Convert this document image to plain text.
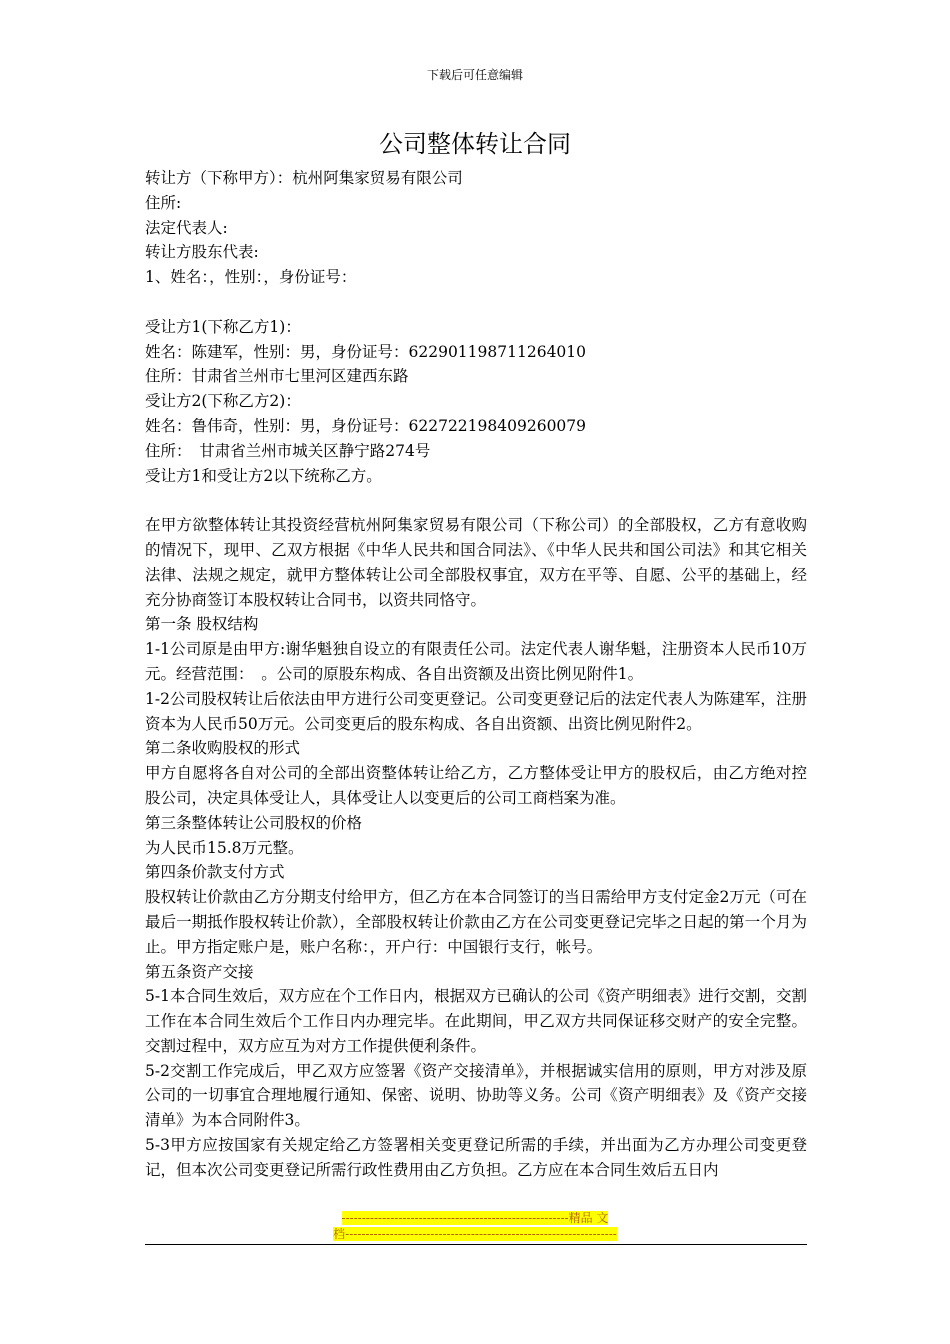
下载后可任意编辑
公司整体转让合同

转让方（下称甲方）：杭州阿集家贸易有限公司

住所:

法定代表人:

转让方股东代表:

1、姓名：，性别：，身份证号：

受让方1(下称乙方1)：

姓名：陈建军，性别：男，身份证号：622901198711264010

住所：甘肃省兰州市七里河区建西东路

受让方2(下称乙方2)：

姓名：鲁伟奇，性别：男，身份证号：622722198409260079

住所：　甘肃省兰州市城关区静宁路274号

受让方1和受让方2以下统称乙方。

在甲方欲整体转让其投资经营杭州阿集家贸易有限公司（下称公司）的全部股权，乙方有意收购的情况下，现甲、乙双方根据《中华人民共和国合同法》、《中华人民共和国公司法》和其它相关法律、法规之规定，就甲方整体转让公司全部股权事宜，双方在平等、自愿、公平的基础上，经充分协商签订本股权转让合同书，以资共同恪守。

第一条 股权结构

1-1公司原是由甲方:谢华魁独自设立的有限责任公司。法定代表人谢华魁，注册资本人民币10万元。经营范围：　。公司的原股东构成、各自出资额及出资比例见附件1。

1-2公司股权转让后依法由甲方进行公司变更登记。公司变更登记后的法定代表人为陈建军，注册资本为人民币50万元。公司变更后的股东构成、各自出资额、出资比例见附件2。

第二条收购股权的形式

甲方自愿将各自对公司的全部出资整体转让给乙方，乙方整体受让甲方的股权后，由乙方绝对控股公司，决定具体受让人，具体受让人以变更后的公司工商档案为准。

第三条整体转让公司股权的价格

为人民币15.8万元整。

第四条价款支付方式

股权转让价款由乙方分期支付给甲方，但乙方在本合同签订的当日需给甲方支付定金2万元（可在最后一期抵作股权转让价款），全部股权转让价款由乙方在公司变更登记完毕之日起的第一个月为止。甲方指定账户是，账户名称：，开户行：中国银行支行，帐号。

第五条资产交接

5-1本合同生效后，双方应在个工作日内，根据双方已确认的公司《资产明细表》进行交割，交割工作在本合同生效后个工作日内办理完毕。在此期间，甲乙双方共同保证移交财产的安全完整。交割过程中，双方应互为对方工作提供便利条件。

5-2交割工作完成后，甲乙双方应签署《资产交接清单》，并根据诚实信用的原则，甲方对涉及原公司的一切事宜合理地履行通知、保密、说明、协助等义务。公司《资产明细表》及《资产交接清单》为本合同附件3。

5-3甲方应按国家有关规定给乙方签署相关变更登记所需的手续，并出面为乙方办理公司变更登记，但本次公司变更登记所需行政性费用由乙方负担。乙方应在本合同生效后五日内

--------------------------------------------------------精品 文
档-------------------------------------------------------------------
